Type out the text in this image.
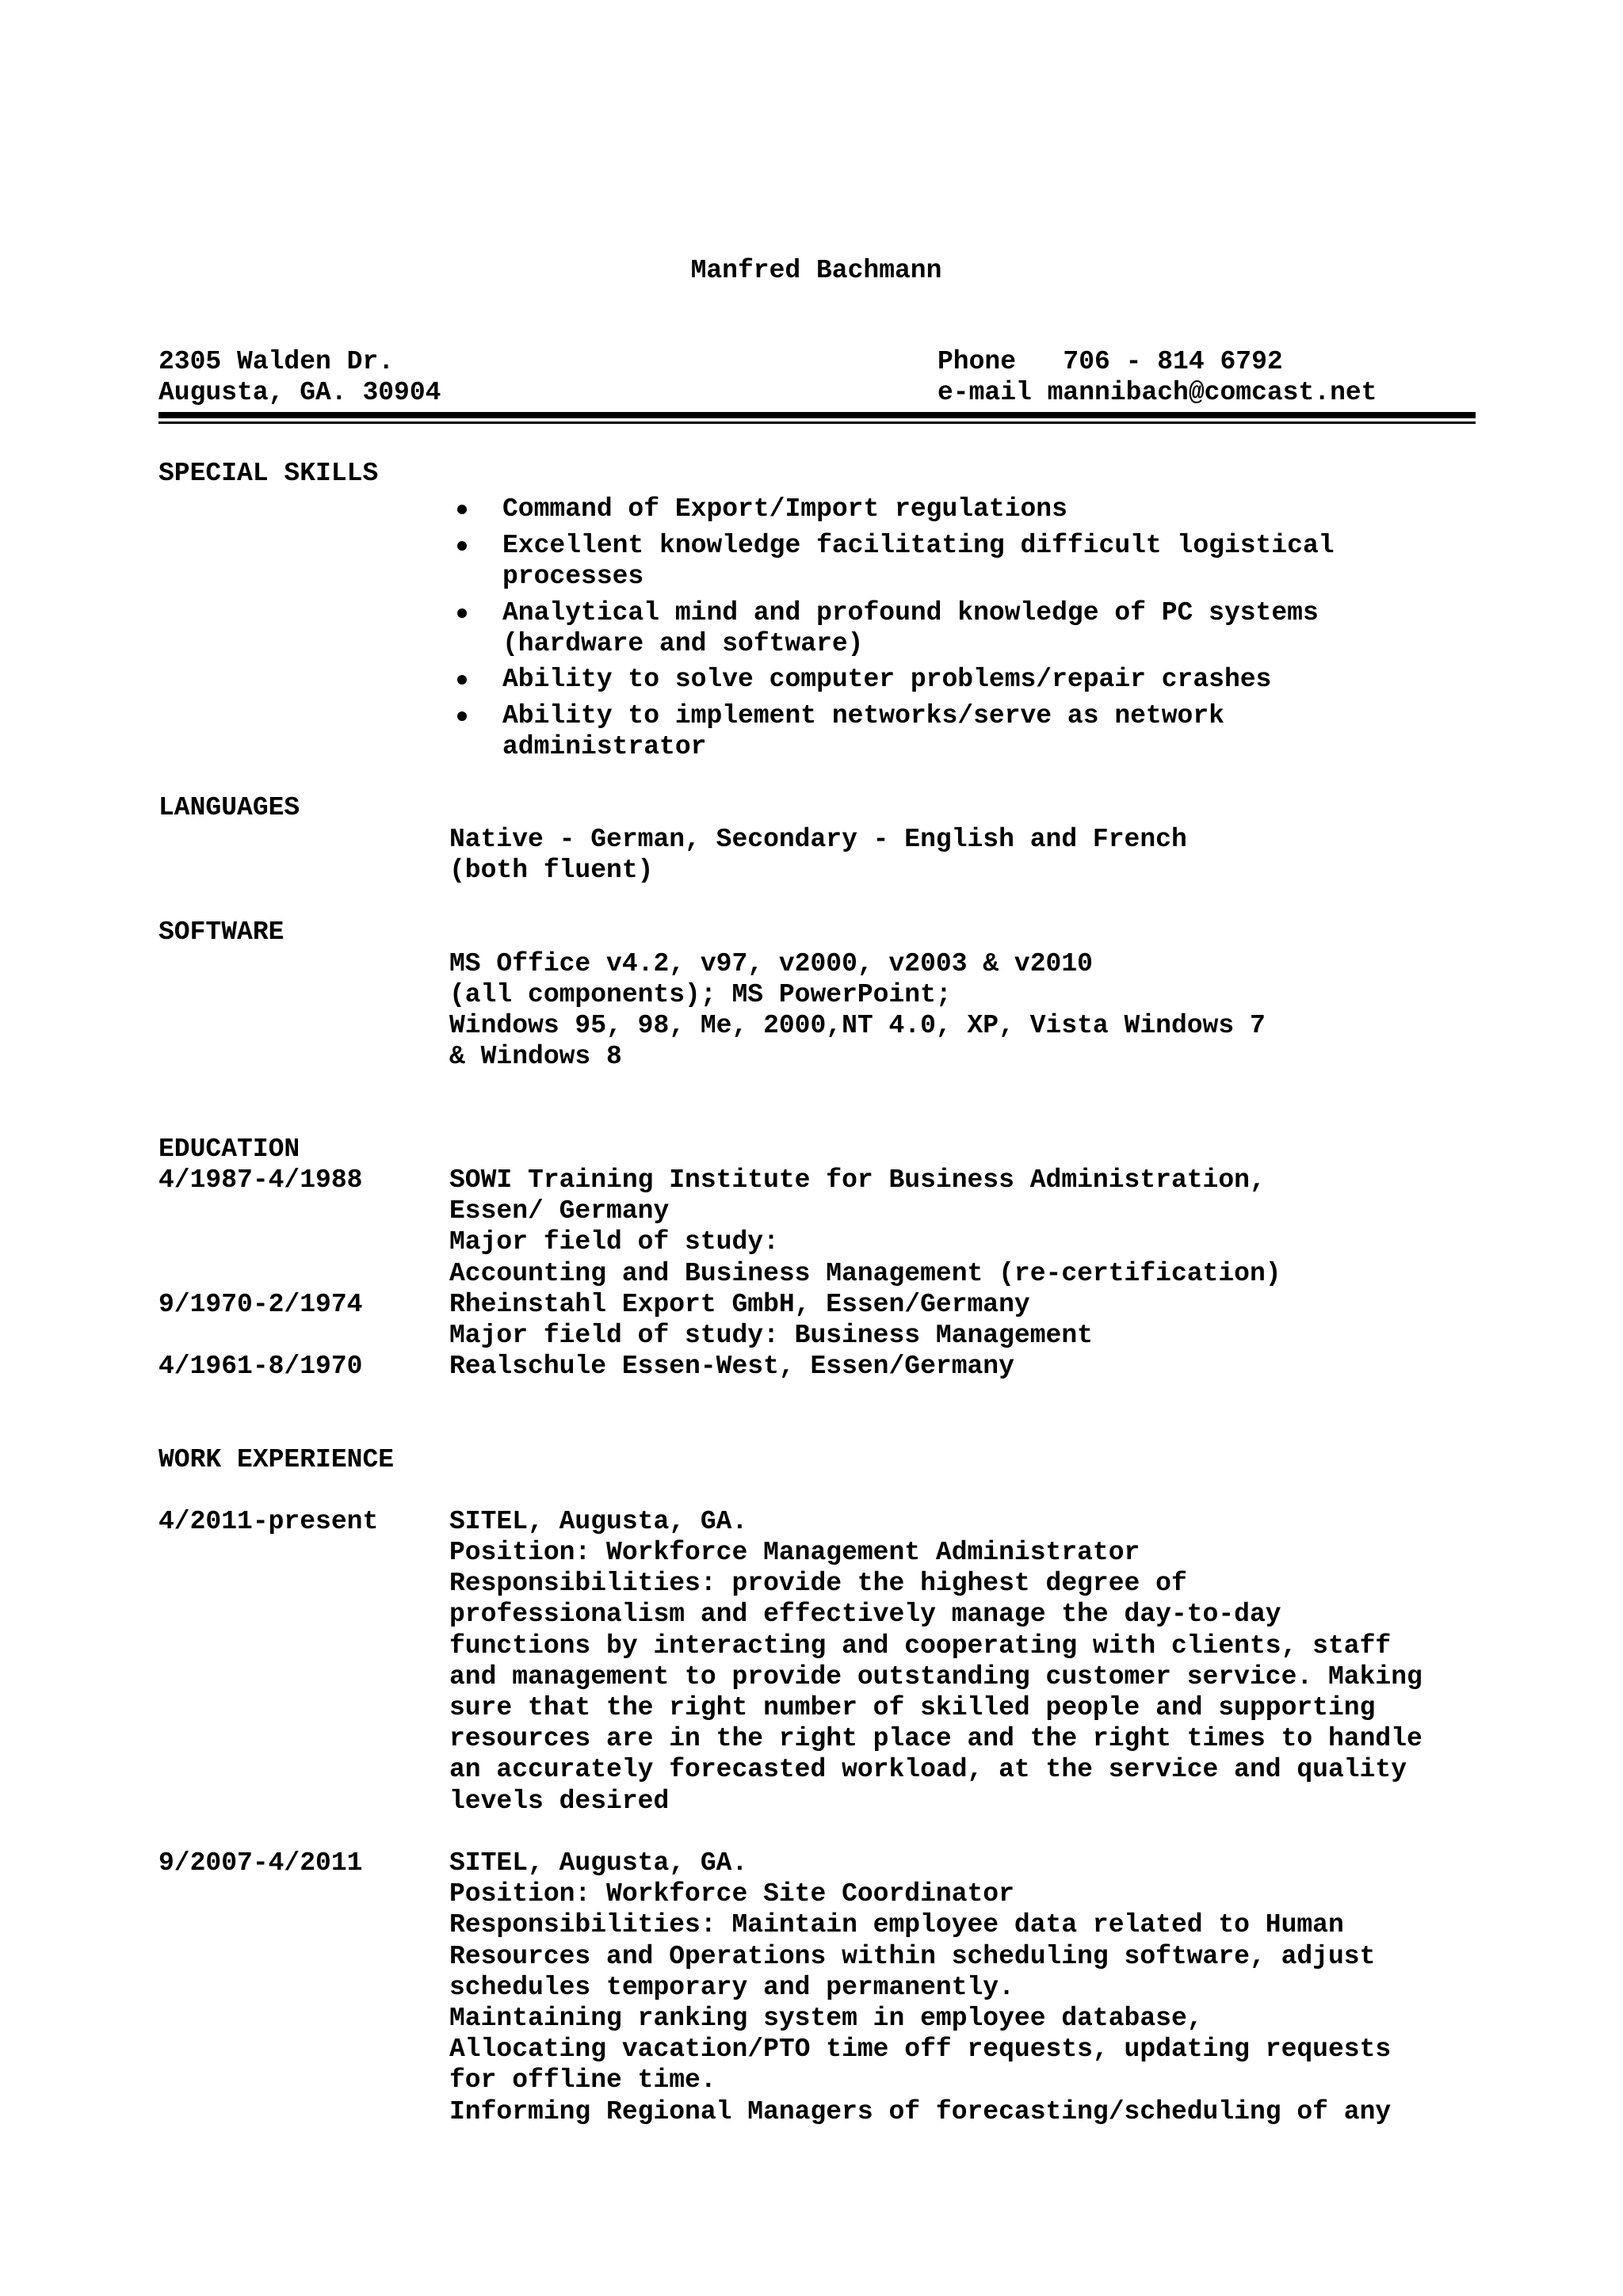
Manfred Bachmann
2305 Walden Dr.
Augusta, GA. 30904
Phone   706 - 814 6792
e-mail mannibach@comcast.net
SPECIAL SKILLS
Command of Export/Import regulations
Excellent knowledge facilitating difficult logistical
processes
Analytical mind and profound knowledge of PC systems
(hardware and software)
Ability to solve computer problems/repair crashes
Ability to implement networks/serve as network
administrator
LANGUAGES
Native - German, Secondary - English and French
(both fluent)
SOFTWARE
MS Office v4.2, v97, v2000, v2003 & v2010
(all components); MS PowerPoint;
Windows 95, 98, Me, 2000,NT 4.0, XP, Vista Windows 7
& Windows 8
EDUCATION
4/1987-4/1988	SOWI Training Institute for Business Administration,
Essen/ Germany
Major field of study:
Accounting and Business Management (re-certification)
9/1970-2/1974	Rheinstahl Export GmbH, Essen/Germany
Major field of study: Business Management
4/1961-8/1970	Realschule Essen-West, Essen/Germany
WORK EXPERIENCE
4/2011-present	SITEL, Augusta, GA.
Position: Workforce Management Administrator
Responsibilities: provide the highest degree of
professionalism and effectively manage the day-to-day
functions by interacting and cooperating with clients, staff
and management to provide outstanding customer service. Making
sure that the right number of skilled people and supporting
resources are in the right place and the right times to handle
an accurately forecasted workload, at the service and quality
levels desired
9/2007-4/2011	SITEL, Augusta, GA.
Position: Workforce Site Coordinator
Responsibilities: Maintain employee data related to Human
Resources and Operations within scheduling software, adjust
schedules temporary and permanently.
Maintaining ranking system in employee database,
Allocating vacation/PTO time off requests, updating requests
for offline time.
Informing Regional Managers of forecasting/scheduling of any
